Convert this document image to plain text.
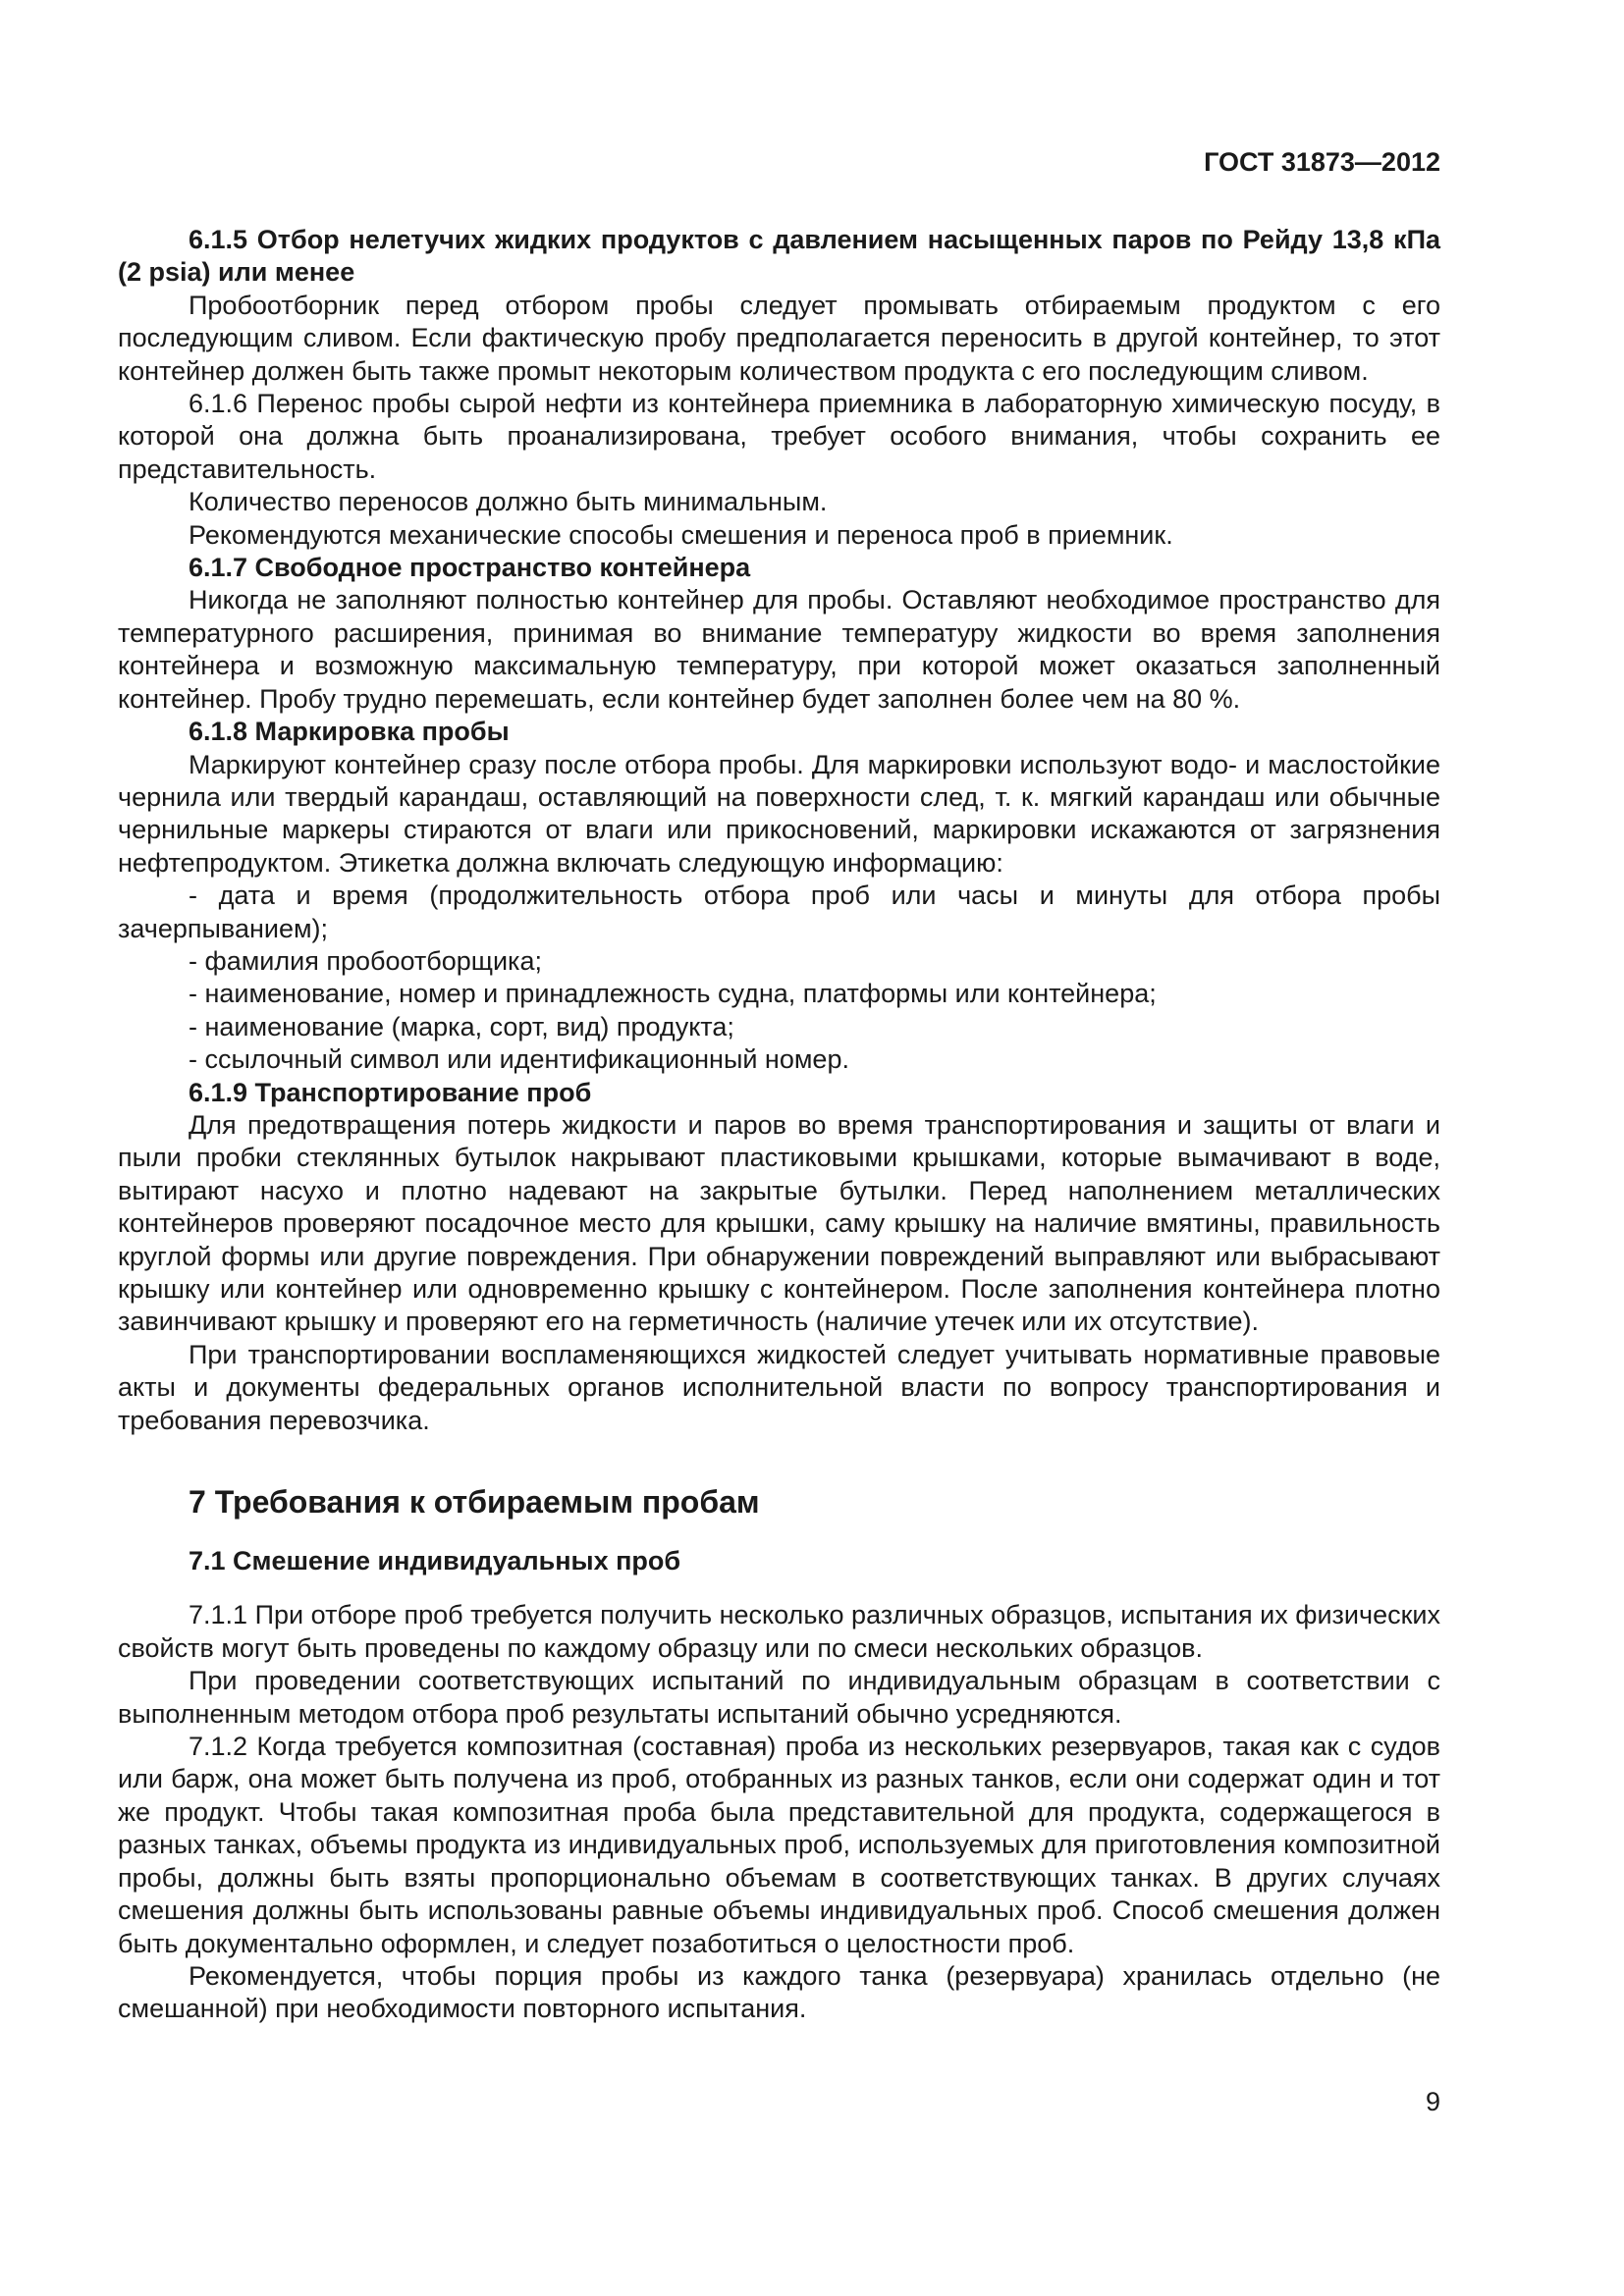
ГОСТ 31873—2012

6.1.5 Отбор нелетучих жидких продуктов с давлением насыщенных паров по Рейду 13,8 кПа (2 psia) или менее

Пробоотборник перед отбором пробы следует промывать отбираемым продуктом с его последующим сливом. Если фактическую пробу предполагается переносить в другой контейнер, то этот контейнер должен быть также промыт некоторым количеством продукта с его последующим сливом.

6.1.6 Перенос пробы сырой нефти из контейнера приемника в лабораторную химическую посуду, в которой она должна быть проанализирована, требует особого внимания, чтобы сохранить ее представительность.

Количество переносов должно быть минимальным.

Рекомендуются механические способы смешения и переноса проб в приемник.

6.1.7 Свободное пространство контейнера

Никогда не заполняют полностью контейнер для пробы. Оставляют необходимое пространство для температурного расширения, принимая во внимание температуру жидкости во время заполнения контейнера и возможную максимальную температуру, при которой может оказаться заполненный контейнер. Пробу трудно перемешать, если контейнер будет заполнен более чем на 80 %.

6.1.8 Маркировка пробы

Маркируют контейнер сразу после отбора пробы. Для маркировки используют водо- и маслостойкие чернила или твердый карандаш, оставляющий на поверхности след, т. к. мягкий карандаш или обычные чернильные маркеры стираются от влаги или прикосновений, маркировки искажаются от загрязнения нефтепродуктом. Этикетка должна включать следующую информацию:

- дата и время (продолжительность отбора проб или часы и минуты для отбора пробы зачерпыванием);

- фамилия пробоотборщика;

- наименование, номер и принадлежность судна, платформы или контейнера;

- наименование (марка, сорт, вид) продукта;

- ссылочный символ или идентификационный номер.

6.1.9 Транспортирование проб

Для предотвращения потерь жидкости и паров во время транспортирования и защиты от влаги и пыли пробки стеклянных бутылок накрывают пластиковыми крышками, которые вымачивают в воде, вытирают насухо и плотно надевают на закрытые бутылки. Перед наполнением металлических контейнеров проверяют посадочное место для крышки, саму крышку на наличие вмятины, правильность круглой формы или другие повреждения. При обнаружении повреждений выправляют или выбрасывают крышку или контейнер или одновременно крышку с контейнером. После заполнения контейнера плотно завинчивают крышку и проверяют его на герметичность (наличие утечек или их отсутствие).

При транспортировании воспламеняющихся жидкостей следует учитывать нормативные правовые акты и документы федеральных органов исполнительной власти по вопросу транспортирования и требования перевозчика.

7 Требования к отбираемым пробам

7.1 Смешение индивидуальных проб

7.1.1 При отборе проб требуется получить несколько различных образцов, испытания их физических свойств могут быть проведены по каждому образцу или по смеси нескольких образцов.

При проведении соответствующих испытаний по индивидуальным образцам в соответствии с выполненным методом отбора проб результаты испытаний обычно усредняются.

7.1.2 Когда требуется композитная (составная) проба из нескольких резервуаров, такая как с судов или барж, она может быть получена из проб, отобранных из разных танков, если они содержат один и тот же продукт. Чтобы такая композитная проба была представительной для продукта, содержащегося в разных танках, объемы продукта из индивидуальных проб, используемых для приготовления композитной пробы, должны быть взяты пропорционально объемам в соответствующих танках. В других случаях смешения должны быть использованы равные объемы индивидуальных проб. Способ смешения должен быть документально оформлен, и следует позаботиться о целостности проб.

Рекомендуется, чтобы порция пробы из каждого танка (резервуара) хранилась отдельно (не смешанной) при необходимости повторного испытания.

9
